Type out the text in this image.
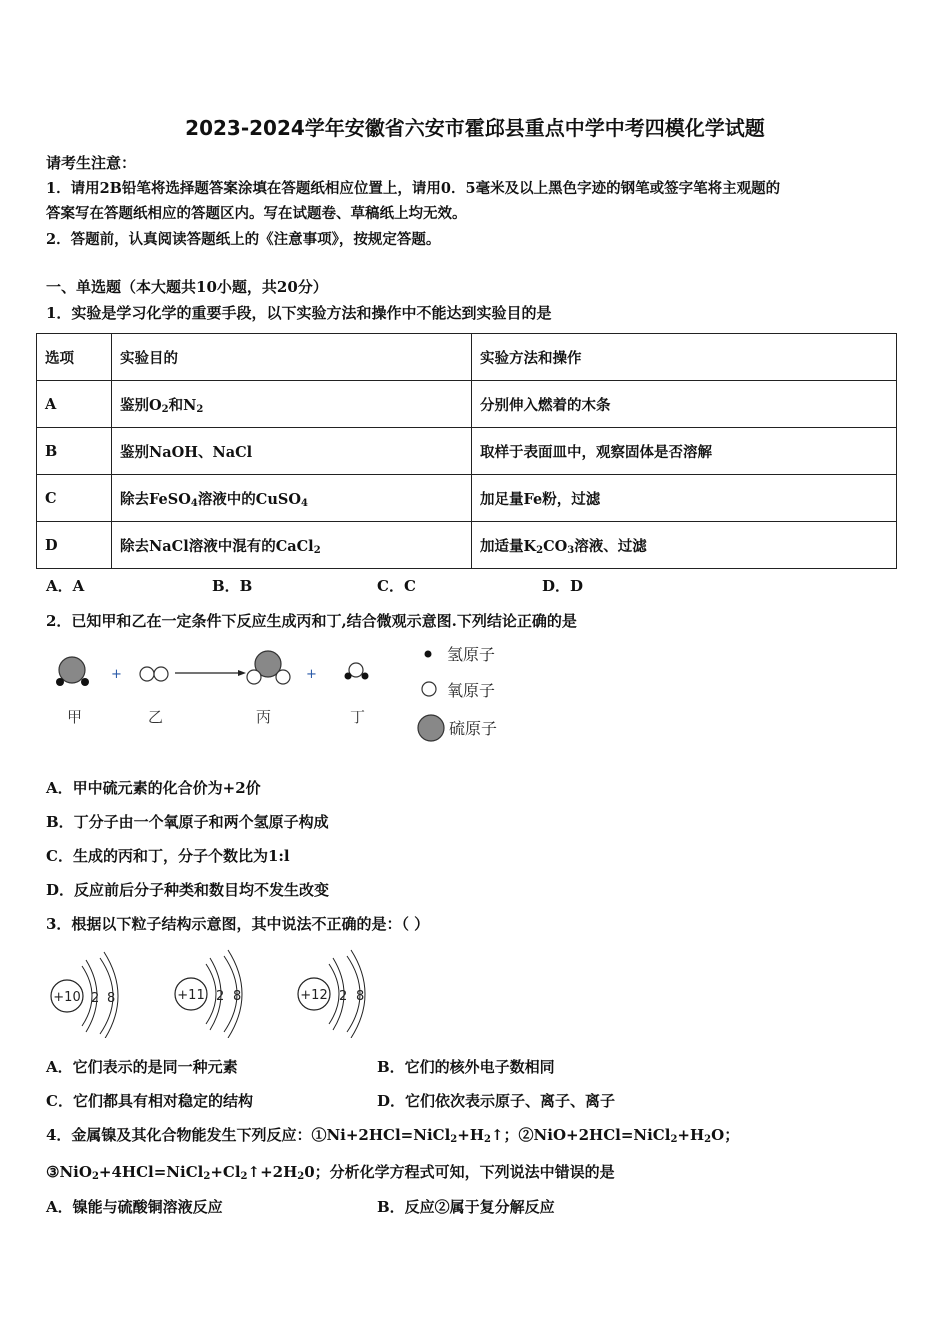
2023-2024学年安徽省六安市霍邱县重点中学中考四模化学试题
请考生注意：
1．请用2B铅笔将选择题答案涂填在答题纸相应位置上，请用0．5毫米及以上黑色字迹的钢笔或签字笔将主观题的
答案写在答题纸相应的答题区内。写在试题卷、草稿纸上均无效。
2．答题前，认真阅读答题纸上的《注意事项》，按规定答题。
一、单选题（本大题共10小题，共20分）
1．实验是学习化学的重要手段，以下实验方法和操作中不能达到实验目的是
选项	实验目的	实验方法和操作
A	鉴别$O_2$和$N_2$	分别伸入燃着的木条
B	鉴别NaOH、NaCl	取样于表面皿中，观察固体是否溶解
C	除去FeSO$_4$溶液中的CuSO$_4$	加足量Fe粉，过滤
D	除去NaCl溶液中混有的CaCl$_2$	加适量$K_2CO_3$溶液、过滤
A．A	B．B	C．C	D．D
2．已知甲和乙在一定条件下反应生成丙和丁,结合微观示意图.下列结论正确的是
+	+
甲	乙	丙	丁
氢原子
氧原子
硫原子
A．甲中硫元素的化合价为+2价
B．丁分子由一个氧原子和两个氢原子构成
C．生成的丙和丁，分子个数比为1:l
D．反应前后分子种类和数目均不发生改变
3．根据以下粒子结构示意图，其中说法不正确的是：（ ）
+10 2 8	+11 2 8	+12 2 8
A．它们表示的是同一种元素	B．它们的核外电子数相同
C．它们都具有相对稳定的结构	D．它们依次表示原子、离子、离子
4．金属镍及其化合物能发生下列反应：$①Ni+2HCl=NiCl_2+H_2↑$；$②NiO+2HCl=NiCl_2+H_2O$；
$③NiO_2+4HCl=NiCl_2+Cl_2↑+2H_20$；分析化学方程式可知，下列说法中错误的是
A．镍能与硫酸铜溶液反应	B．反应②属于复分解反应
